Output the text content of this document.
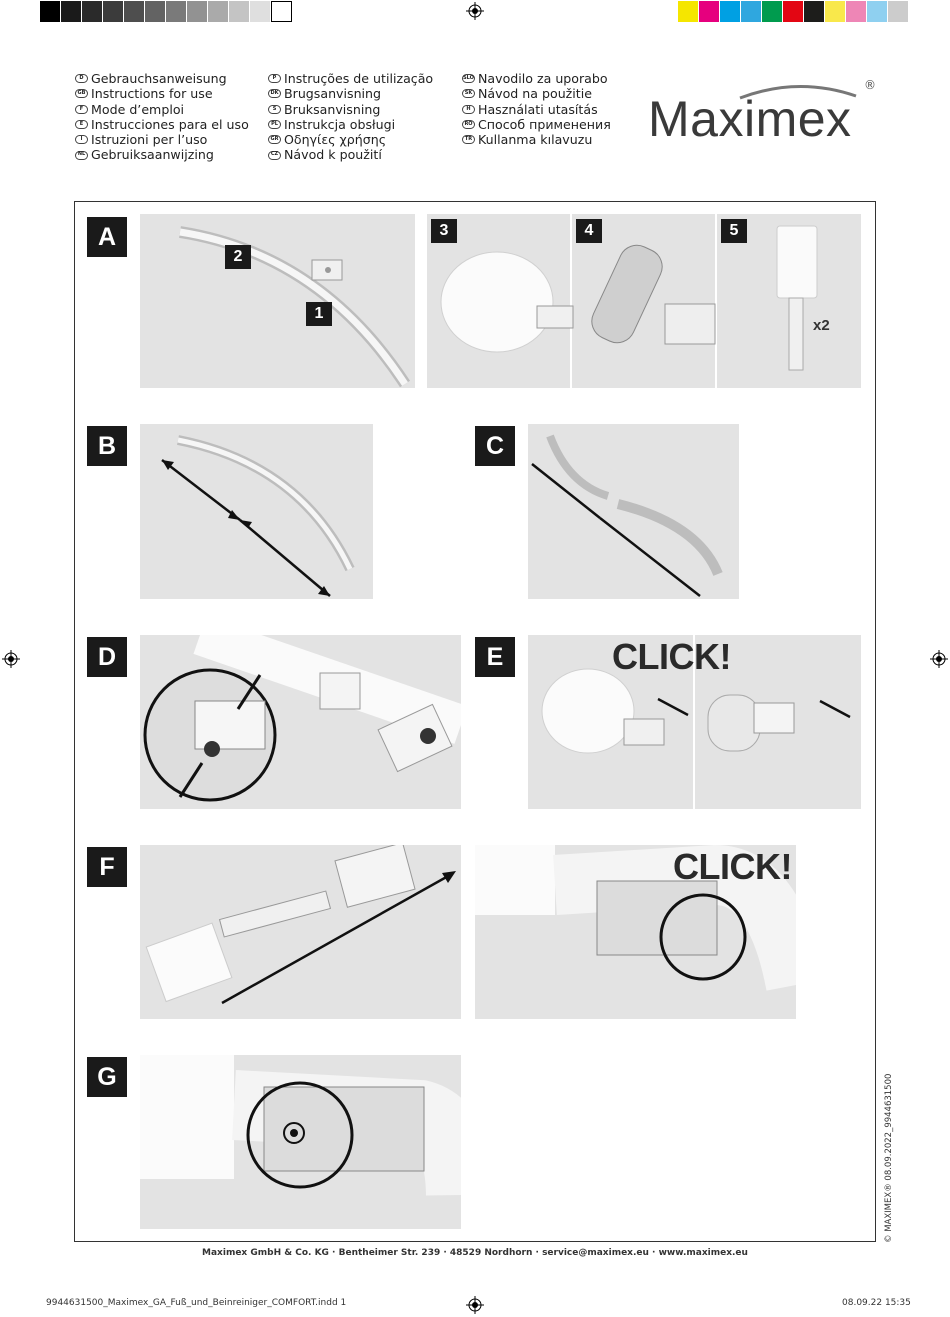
D Gebrauchsanweisung
GB Instructions for use
F Mode d’emploi
E Instrucciones para el uso
I Istruzioni per l’uso
NL Gebruiksaanwijzing
P Instruções de utilização
DK Brugsanvisning
S Bruksanvisning
PL Instrukcja obsługi
GR Οδηγίες χρήσης
CZ Návod k použití
SLO Navodilo za uporabo
SK Návod na použitie
H Használati utasítás
RO Способ применения
TR Kullanma kılavuzu Maximex
®
A
2
1
3	4	5
x2
B	C
D	E	CLICK!
F	CLICK!
G
Maximex GmbH & Co. KG · Bentheimer Str. 239 · 48529 Nordhorn · service@maximex.eu · www.maximex.eu
© MAXIMEX® 08.09.2022_9944631500
9944631500_Maximex_GA_Fuß_und_Beinreiniger_COMFORT.indd 1	08.09.22 15:35
